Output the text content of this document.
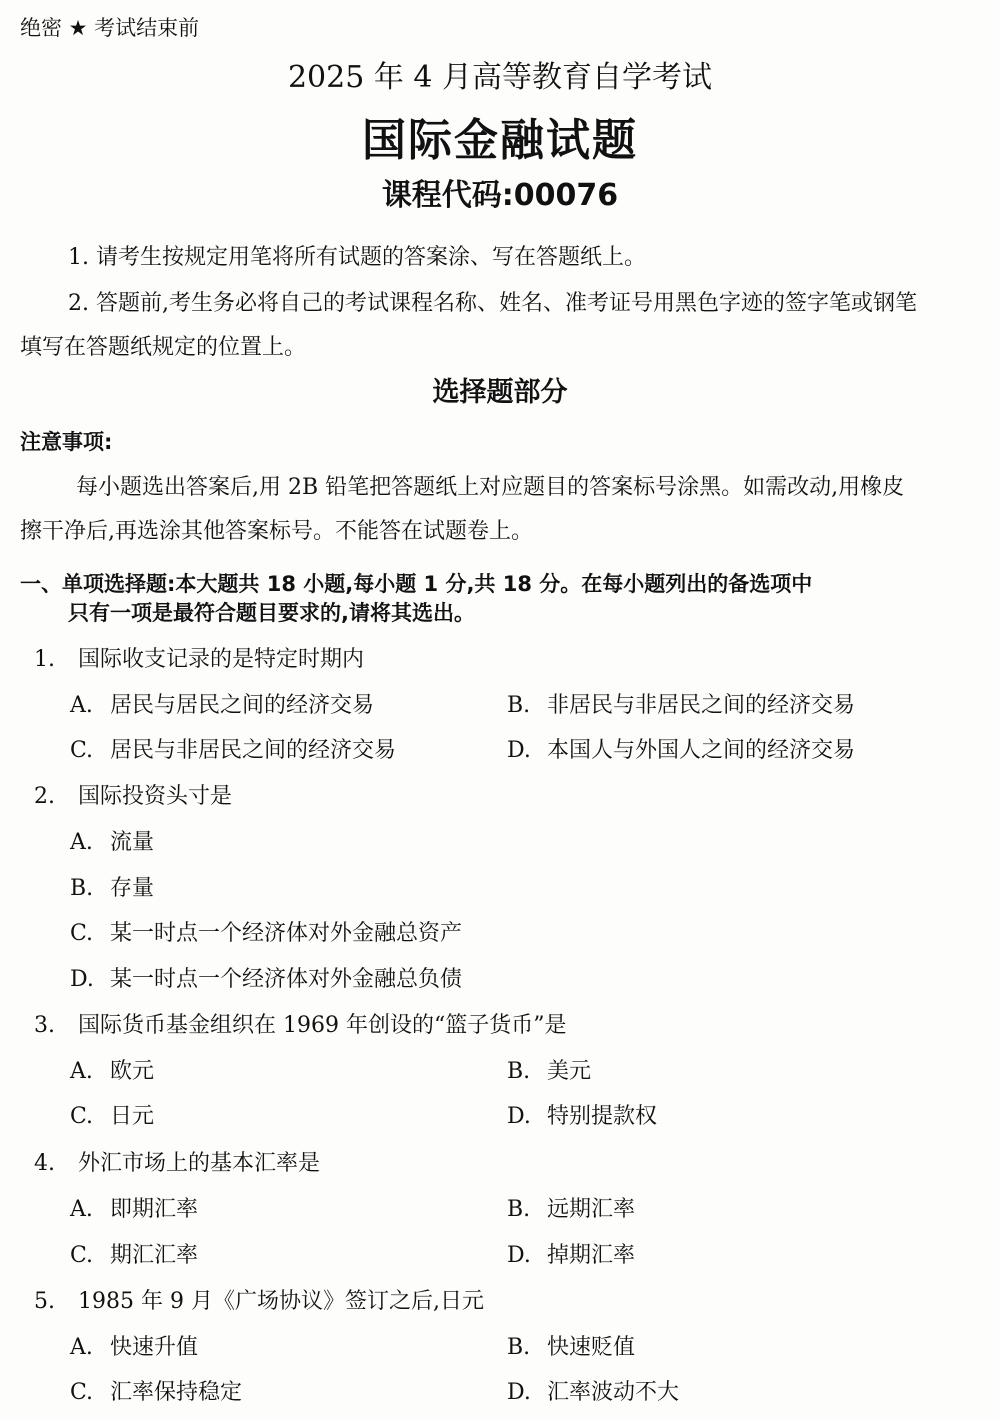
绝密 ★ 考试结束前
2025 年 4 月高等教育自学考试
国际金融试题
课程代码:00076
1. 请考生按规定用笔将所有试题的答案涂、写在答题纸上。
2. 答题前,考生务必将自己的考试课程名称、姓名、准考证号用黑色字迹的签字笔或钢笔
填写在答题纸规定的位置上。
选择题部分
注意事项:
每小题选出答案后,用 2B 铅笔把答题纸上对应题目的答案标号涂黑。如需改动,用橡皮
擦干净后,再选涂其他答案标号。不能答在试题卷上。
一、单项选择题:本大题共 18 小题,每小题 1 分,共 18 分。在每小题列出的备选项中
只有一项是最符合题目要求的,请将其选出。
1. 国际收支记录的是特定时期内
A. 居民与居民之间的经济交易	B. 非居民与非居民之间的经济交易
C. 居民与非居民之间的经济交易	D. 本国人与外国人之间的经济交易
2. 国际投资头寸是
A. 流量
B. 存量
C. 某一时点一个经济体对外金融总资产
D. 某一时点一个经济体对外金融总负债
3. 国际货币基金组织在 1969 年创设的“篮子货币”是
A. 欧元	B. 美元
C. 日元	D. 特别提款权
4. 外汇市场上的基本汇率是
A. 即期汇率	B. 远期汇率
C. 期汇汇率	D. 掉期汇率
5. 1985 年 9 月《广场协议》签订之后,日元
A. 快速升值	B. 快速贬值
C. 汇率保持稳定	D. 汇率波动不大
